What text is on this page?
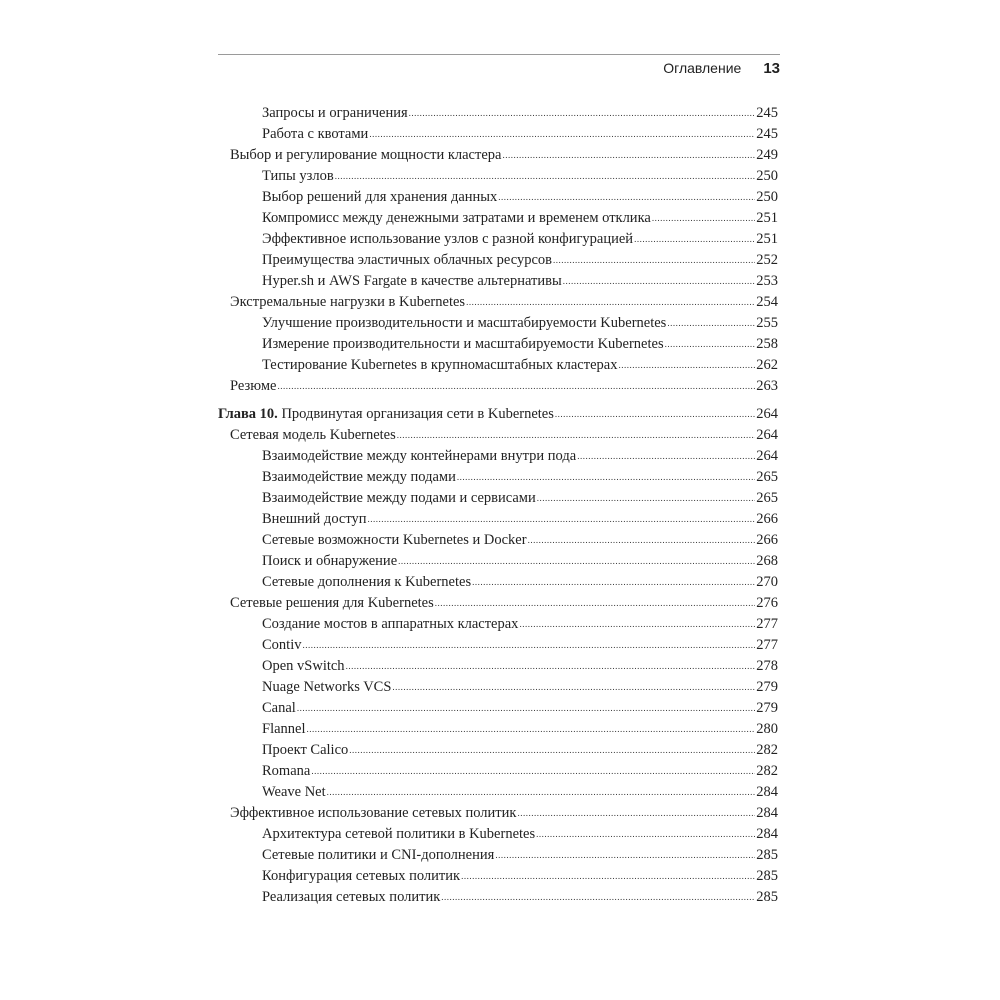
Оглавление 13
Запросы и ограничения .....	245
Работа с квотами .....	245
Выбор и регулирование мощности кластера .....	249
Типы узлов .....	250
Выбор решений для хранения данных .....	250
Компромисс между денежными затратами и временем отклика .....	251
Эффективное использование узлов с разной конфигурацией .....	251
Преимущества эластичных облачных ресурсов .....	252
Hyper.sh и AWS Fargate в качестве альтернативы .....	253
Экстремальные нагрузки в Kubernetes .....	254
Улучшение производительности и масштабируемости Kubernetes .....	255
Измерение производительности и масштабируемости Kubernetes .....	258
Тестирование Kubernetes в крупномасштабных кластерах .....	262
Резюме .....	263
Глава 10. Продвинутая организация сети в Kubernetes .....	264
Сетевая модель Kubernetes .....	264
Взаимодействие между контейнерами внутри пода .....	264
Взаимодействие между подами .....	265
Взаимодействие между подами и сервисами .....	265
Внешний доступ .....	266
Сетевые возможности Kubernetes и Docker .....	266
Поиск и обнаружение .....	268
Сетевые дополнения к Kubernetes .....	270
Сетевые решения для Kubernetes .....	276
Создание мостов в аппаратных кластерах .....	277
Contiv .....	277
Open vSwitch .....	278
Nuage Networks VCS .....	279
Canal .....	279
Flannel .....	280
Проект Calico .....	282
Romana .....	282
Weave Net .....	284
Эффективное использование сетевых политик .....	284
Архитектура сетевой политики в Kubernetes .....	284
Сетевые политики и CNI-дополнения .....	285
Конфигурация сетевых политик .....	285
Реализация сетевых политик .....	285
